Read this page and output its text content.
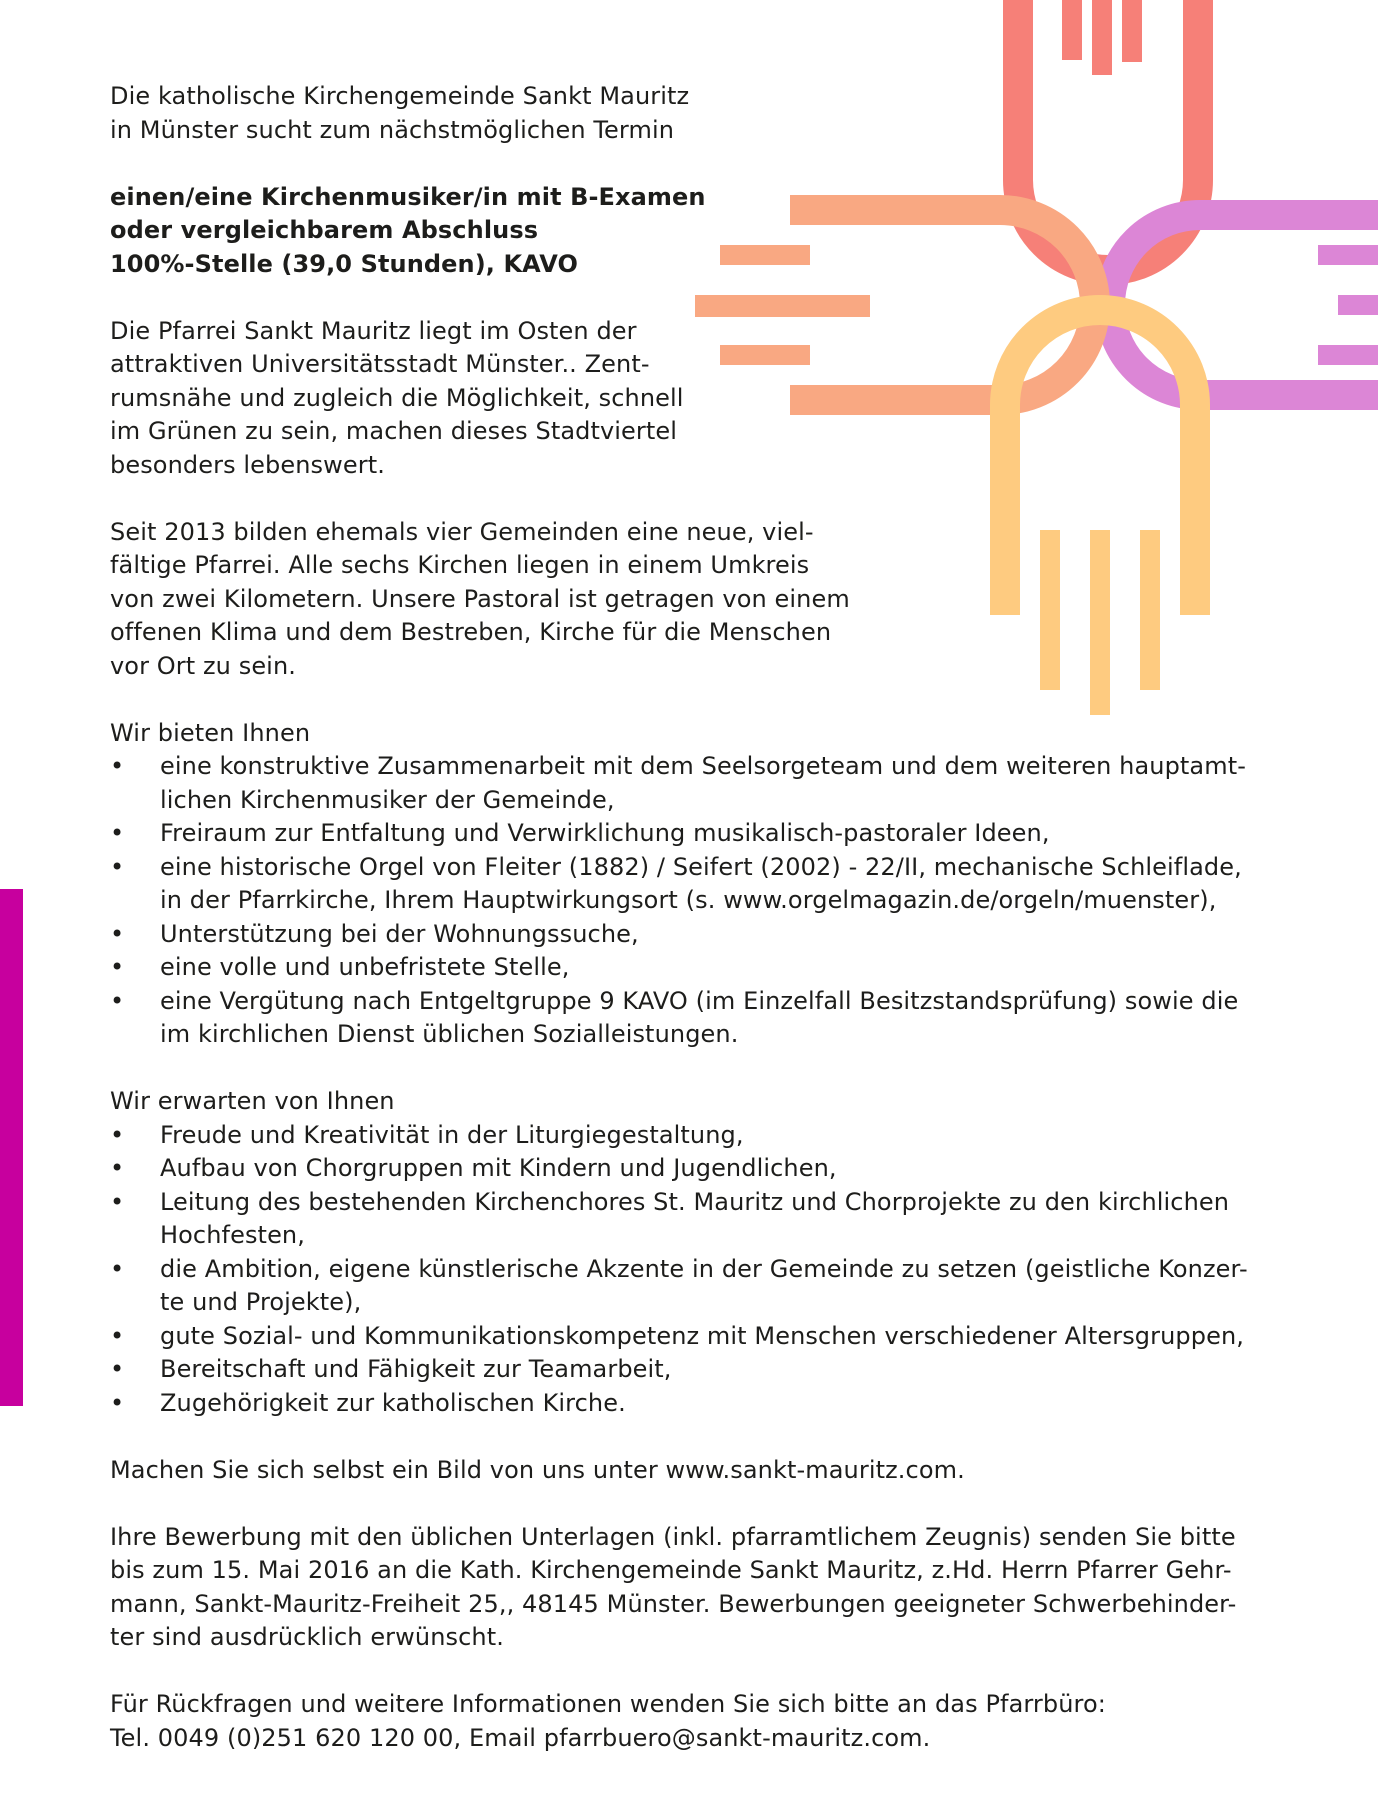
Die katholische Kirchengemeinde Sankt Mauritz
in Münster sucht zum nächstmöglichen Termin
einen/eine Kirchenmusiker/in mit B-Examen
oder vergleichbarem Abschluss
100%-Stelle (39,0 Stunden), KAVO
Die Pfarrei Sankt Mauritz liegt im Osten der
attraktiven Universitätsstadt Münster.. Zent-
rumsnähe und zugleich die Möglichkeit, schnell
im Grünen zu sein, machen dieses Stadtviertel
besonders lebenswert.
Seit 2013 bilden ehemals vier Gemeinden eine neue, viel-
fältige Pfarrei. Alle sechs Kirchen liegen in einem Umkreis
von zwei Kilometern. Unsere Pastoral ist getragen von einem
offenen Klima und dem Bestreben, Kirche für die Menschen
vor Ort zu sein.

Wir bieten Ihnen

• eine konstruktive Zusammenarbeit mit dem Seelsorgeteam und dem weiteren hauptamt-
lichen Kirchenmusiker der Gemeinde,
• Freiraum zur Entfaltung und Verwirklichung musikalisch-pastoraler Ideen,
• eine historische Orgel von Fleiter (1882) / Seifert (2002) - 22/II, mechanische Schleiflade,
in der Pfarrkirche, Ihrem Hauptwirkungsort (s. www.orgelmagazin.de/orgeln/muenster),
• Unterstützung bei der Wohnungssuche,
• eine volle und unbefristete Stelle,
• eine Vergütung nach Entgeltgruppe 9 KAVO (im Einzelfall Besitzstandsprüfung) sowie die
im kirchlichen Dienst üblichen Sozialleistungen.

Wir erwarten von Ihnen

• Freude und Kreativität in der Liturgiegestaltung,
• Aufbau von Chorgruppen mit Kindern und Jugendlichen,
• Leitung des bestehenden Kirchenchores St. Mauritz und Chorprojekte zu den kirchlichen
Hochfesten,
• die Ambition, eigene künstlerische Akzente in der Gemeinde zu setzen (geistliche Konzer-
te und Projekte),
• gute Sozial- und Kommunikationskompetenz mit Menschen verschiedener Altersgruppen,
• Bereitschaft und Fähigkeit zur Teamarbeit,
• Zugehörigkeit zur katholischen Kirche.

Machen Sie sich selbst ein Bild von uns unter www.sankt-mauritz.com.

Ihre Bewerbung mit den üblichen Unterlagen (inkl. pfarramtlichem Zeugnis) senden Sie bitte
bis zum 15. Mai 2016 an die Kath. Kirchengemeinde Sankt Mauritz, z.Hd. Herrn Pfarrer Gehr-
mann, Sankt-Mauritz-Freiheit 25,, 48145 Münster. Bewerbungen geeigneter Schwerbehinder-
ter sind ausdrücklich erwünscht.
Für Rückfragen und weitere Informationen wenden Sie sich bitte an das Pfarrbüro:
Tel. 0049 (0)251 620 120 00, Email pfarrbuero@sankt-mauritz.com.
